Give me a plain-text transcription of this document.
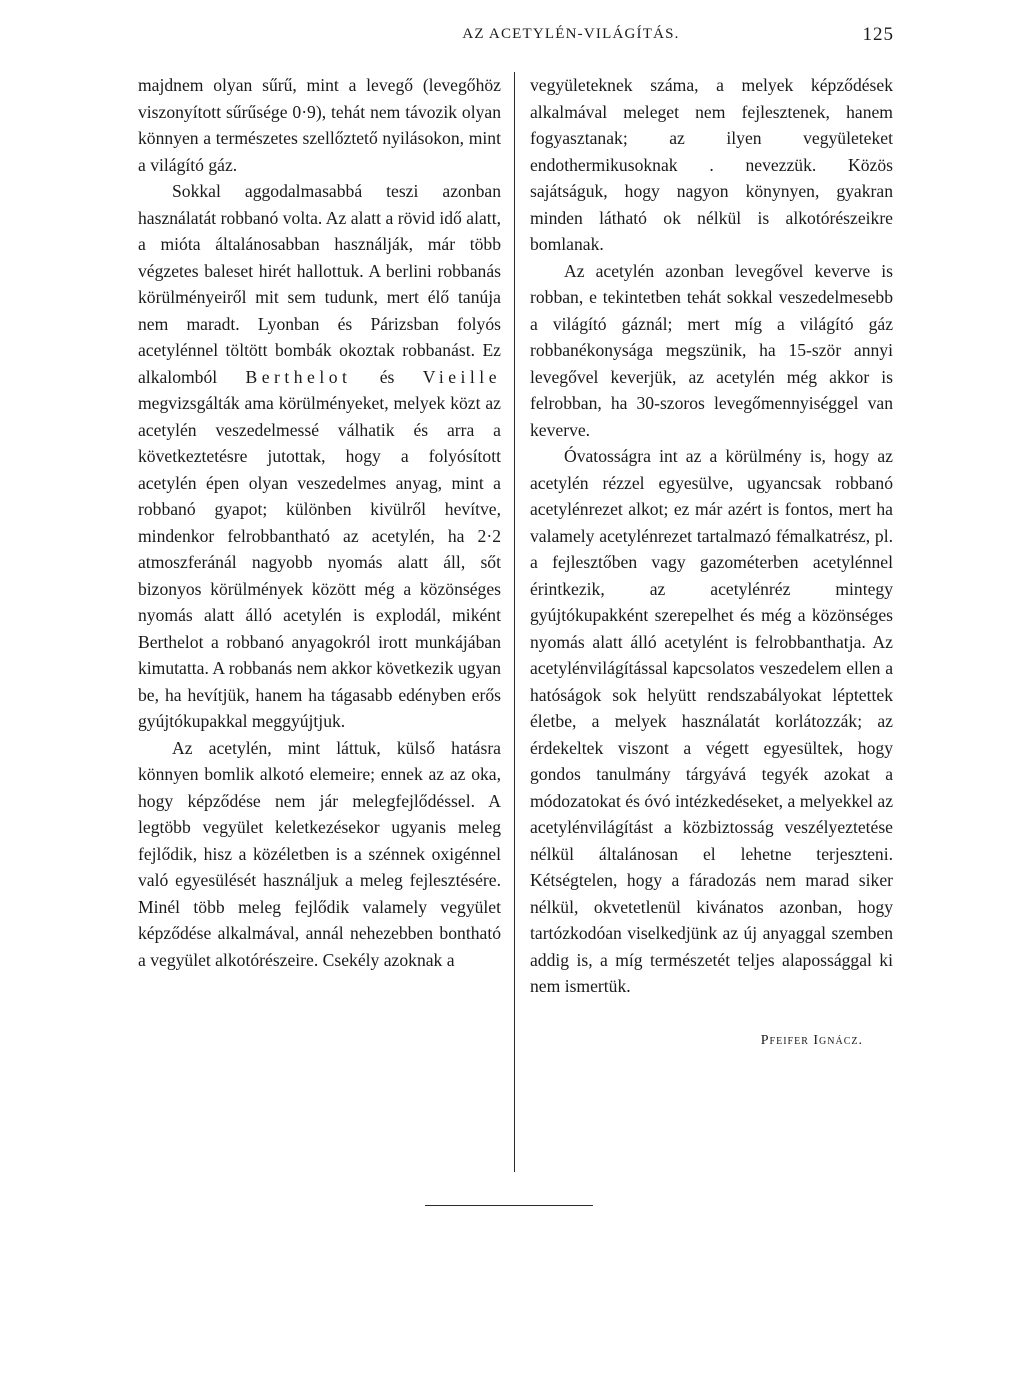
AZ ACETYLÉN-VILÁGÍTÁS.	125

majdnem olyan sűrű, mint a levegő (levegőhöz viszonyított sűrűsége 0·9), tehát nem távozik olyan könnyen a természetes szellőztető nyilásokon, mint a világító gáz.

Sokkal aggodalmasabbá teszi azonban használatát robbanó volta. Az alatt a rövid idő alatt, a mióta általánosabban használják, már több végzetes baleset hirét hallottuk. A berlini robbanás körülményeiről mit sem tudunk, mert élő tanúja nem maradt. Lyonban és Párizsban folyós acetylénnel töltött bombák okoztak robbanást. Ez alkalomból Berthelot és Vieille megvizsgálták ama körülményeket, melyek közt az acetylén veszedelmessé válhatik és arra a következtetésre jutottak, hogy a folyósított acetylén épen olyan veszedelmes anyag, mint a robbanó gyapot; különben kivülről hevítve, mindenkor felrobbantható az acetylén, ha 2·2 atmoszferánál nagyobb nyomás alatt áll, sőt bizonyos körülmények között még a közönséges nyomás alatt álló acetylén is explodál, miként Berthelot a robbanó anyagokról irott munkájában kimutatta. A robbanás nem akkor következik ugyan be, ha hevítjük, hanem ha tágasabb edényben erős gyújtókupakkal meggyújtjuk.

Az acetylén, mint láttuk, külső hatásra könnyen bomlik alkotó elemeire; ennek az az oka, hogy képződése nem jár melegfejlődéssel. A legtöbb vegyület keletkezésekor ugyanis meleg fejlődik, hisz a közéletben is a szénnek oxigénnel való egyesülését használjuk a meleg fejlesztésére. Minél több meleg fejlődik valamely vegyület képződése alkalmával, annál nehezebben bontható a vegyület alkotórészeire. Csekély azoknak a

vegyületeknek száma, a melyek képződések alkalmával meleget nem fejlesztenek, hanem fogyasztanak; az ilyen vegyületeket endothermikusoknak . nevezzük. Közös sajátságuk, hogy nagyon könynyen, gyakran minden látható ok nélkül is alkotórészeikre bomlanak.

Az acetylén azonban levegővel keverve is robban, e tekintetben tehát sokkal veszedelmesebb a világító gáznál; mert míg a világító gáz robbanékonysága megszünik, ha 15-ször annyi levegővel keverjük, az acetylén még akkor is felrobban, ha 30-szoros levegőmennyiséggel van keverve.

Óvatosságra int az a körülmény is, hogy az acetylén rézzel egyesülve, ugyancsak robbanó acetylénrezet alkot; ez már azért is fontos, mert ha valamely acetylénrezet tartalmazó fémalkatrész, pl. a fejlesztőben vagy gazométerben acetylénnel érintkezik, az acetylénréz mintegy gyújtókupakként szerepelhet és még a közönséges nyomás alatt álló acetylént is felrobbanthatja. Az acetylénvilágítással kapcsolatos veszedelem ellen a hatóságok sok helyütt rendszabályokat léptettek életbe, a melyek használatát korlátozzák; az érdekeltek viszont a végett egyesültek, hogy gondos tanulmány tárgyává tegyék azokat a módozatokat és óvó intézkedéseket, a melyekkel az acetylénvilágítást a közbiztosság veszélyeztetése nélkül általánosan el lehetne terjeszteni. Kétségtelen, hogy a fáradozás nem marad siker nélkül, okvetetlenül kivánatos azonban, hogy tartózkodóan viselkedjünk az új anyaggal szemben addig is, a míg természetét teljes alapossággal ki nem ismertük.

Pfeifer Ignácz.
